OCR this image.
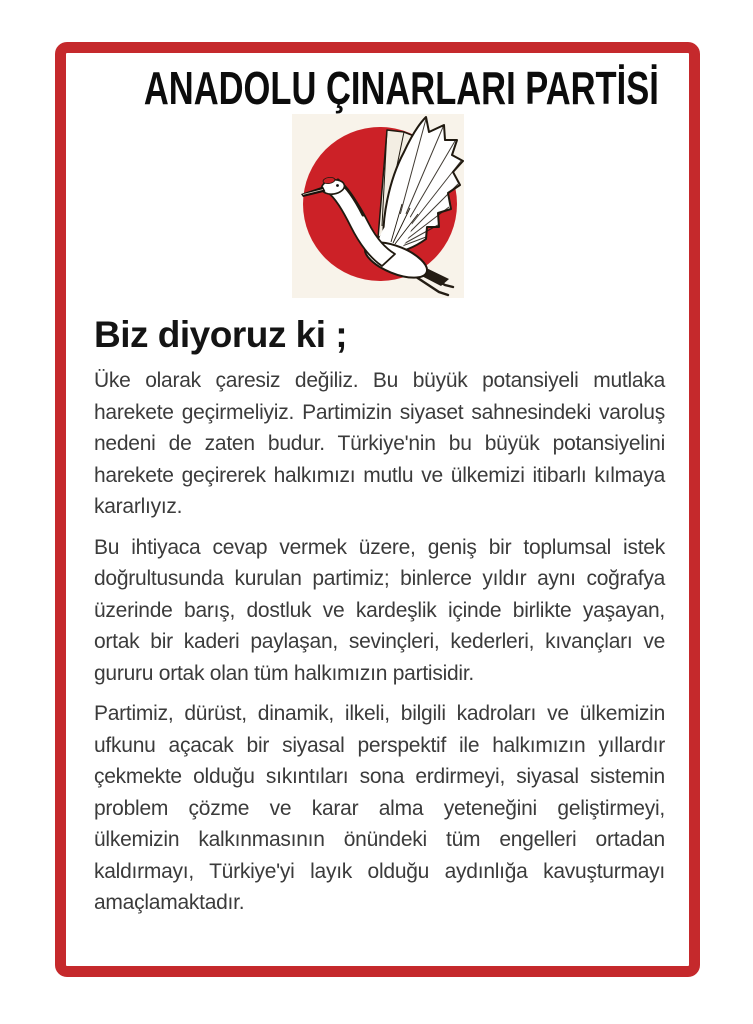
ANADOLU ÇINARLARI PARTİSİ
Biz diyoruz ki ;

Üke olarak çaresiz değiliz. Bu büyük potansiyeli mutlaka harekete geçirmeliyiz. Partimizin siyaset sahnesindeki varoluş nedeni de zaten budur. Türkiye'nin bu büyük potansiyelini harekete geçirerek halkımızı mutlu ve ülkemizi itibarlı kılmaya kararlıyız.

Bu ihtiyaca cevap vermek üzere, geniş bir toplumsal istek doğrultusunda kurulan partimiz; binlerce yıldır aynı coğrafya üzerinde barış, dostluk ve kardeşlik içinde birlikte yaşayan, ortak bir kaderi paylaşan, sevinçleri, kederleri, kıvançları ve gururu ortak olan tüm halkımızın partisidir.

Partimiz, dürüst, dinamik, ilkeli, bilgili kadroları ve ülkemizin ufkunu açacak bir siyasal perspektif ile halkımızın yıllardır çekmekte olduğu sıkıntıları sona erdirmeyi, siyasal sistemin problem çözme ve karar alma yeteneğini geliştirmeyi, ülkemizin kalkınmasının önündeki tüm engelleri ortadan kaldırmayı, Türkiye'yi layık olduğu aydınlığa kavuşturmayı amaçlamaktadır.
